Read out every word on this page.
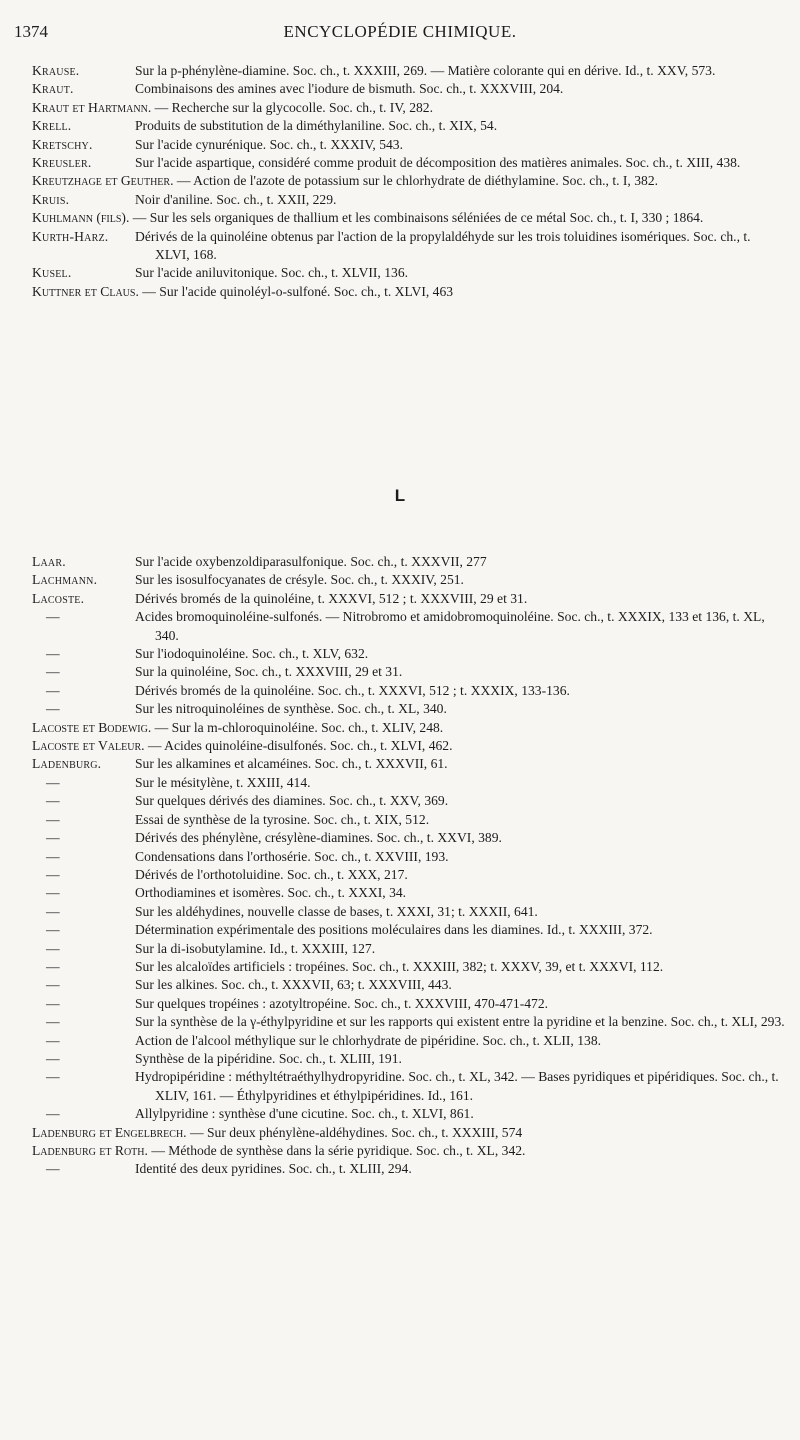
1374	ENCYCLOPÉDIE CHIMIQUE.
Krause.	Sur la p-phénylène-diamine. Soc. ch., t. XXXIII, 269. — Matière colorante qui en dérive. Id., t. XXV, 573.
Kraut.	Combinaisons des amines avec l'iodure de bismuth. Soc. ch., t. XXXVIII, 204.
Kraut et Hartmann. — Recherche sur la glycocolle. Soc. ch., t. IV, 282.
Krell.	Produits de substitution de la diméthylaniline. Soc. ch., t. XIX, 54.
Kretschy.	Sur l'acide cynurénique. Soc. ch., t. XXXIV, 543.
Kreusler.	Sur l'acide aspartique, considéré comme produit de décomposition des matières animales. Soc. ch., t. XIII, 438.
Kreutzhage et Geuther. — Action de l'azote de potassium sur le chlorhydrate de diéthylamine. Soc. ch., t. I, 382.
Kruis.	Noir d'aniline. Soc. ch., t. XXII, 229.
Kuhlmann (fils). — Sur les sels organiques de thallium et les combinaisons séléniées de ce métal Soc. ch., t. I, 330 ; 1864.
Kurth-Harz. Dérivés de la quinoléine obtenus par l'action de la propylaldéhyde sur les trois toluidines isomériques. Soc. ch., t. XLVI, 168.
Kusel.	Sur l'acide aniluvitonique. Soc. ch., t. XLVII, 136.
Kuttner et Claus. — Sur l'acide quinoléyl-o-sulfoné. Soc. ch., t. XLVI, 463
L
Laar.	Sur l'acide oxybenzoldiparasulfonique. Soc. ch., t. XXXVII, 277
Lachmann.	Sur les isosulfocyanates de crésyle. Soc. ch., t. XXXIV, 251.
Lacoste.	Dérivés bromés de la quinoléine, t. XXXVI, 512 ; t. XXXVIII, 29 et 31.
—	Acides bromoquinoléine-sulfonés. — Nitrobromo et amidobromoquinoléine. Soc. ch., t. XXXIX, 133 et 136, t. XL, 340.
—	Sur l'iodoquinoléine. Soc. ch., t. XLV, 632.
—	Sur la quinoléine, Soc. ch., t. XXXVIII, 29 et 31.
—	Dérivés bromés de la quinoléine. Soc. ch., t. XXXVI, 512 ; t. XXXIX, 133-136.
—	Sur les nitroquinoléines de synthèse. Soc. ch., t. XL, 340.
Lacoste et Bodewig. — Sur la m-chloroquinoléine. Soc. ch., t. XLIV, 248.
Lacoste et Valeur. — Acides quinoléine-disulfonés. Soc. ch., t. XLVI, 462.
Ladenburg. Sur les alkamines et alcaméines. Soc. ch., t. XXXVII, 61.
—	Sur le mésitylène, t. XXIII, 414.
—	Sur quelques dérivés des diamines. Soc. ch., t. XXV, 369.
—	Essai de synthèse de la tyrosine. Soc. ch., t. XIX, 512.
—	Dérivés des phénylène, crésylène-diamines. Soc. ch., t. XXVI, 389.
—	Condensations dans l'orthosérie. Soc. ch., t. XXVIII, 193.
—	Dérivés de l'orthotoluidine. Soc. ch., t. XXX, 217.
—	Orthodiamines et isomères. Soc. ch., t. XXXI, 34.
—	Sur les aldéhydines, nouvelle classe de bases, t. XXXI, 31; t. XXXII, 641.
—	Détermination expérimentale des positions moléculaires dans les diamines. Id., t. XXXIII, 372.
—	Sur la di-isobutylamine. Id., t. XXXIII, 127.
—	Sur les alcaloïdes artificiels : tropéines. Soc. ch., t. XXXIII, 382; t. XXXV, 39, et t. XXXVI, 112.
—	Sur les alkines. Soc. ch., t. XXXVII, 63; t. XXXVIII, 443.
—	Sur quelques tropéines : azotyltropéine. Soc. ch., t. XXXVIII, 470-471-472.
—	Sur la synthèse de la γ-éthylpyridine et sur les rapports qui existent entre la pyridine et la benzine. Soc. ch., t. XLI, 293.
—	Action de l'alcool méthylique sur le chlorhydrate de pipéridine. Soc. ch., t. XLII, 138.
—	Synthèse de la pipéridine. Soc. ch., t. XLIII, 191.
—	Hydropipéridine : méthyltétraéthylhydropyridine. Soc. ch., t. XL, 342. — Bases pyridiques et pipéridiques. Soc. ch., t. XLIV, 161. — Éthylpyridines et éthylpipéridines. Id., 161.
—	Allylpyridine : synthèse d'une cicutine. Soc. ch., t. XLVI, 861.
Ladenburg et Engelbrech. — Sur deux phénylène-aldéhydines. Soc. ch., t. XXXIII, 574
Ladenburg et Roth. — Méthode de synthèse dans la série pyridique. Soc. ch., t. XL, 342.
—	Identité des deux pyridines. Soc. ch., t. XLIII, 294.
